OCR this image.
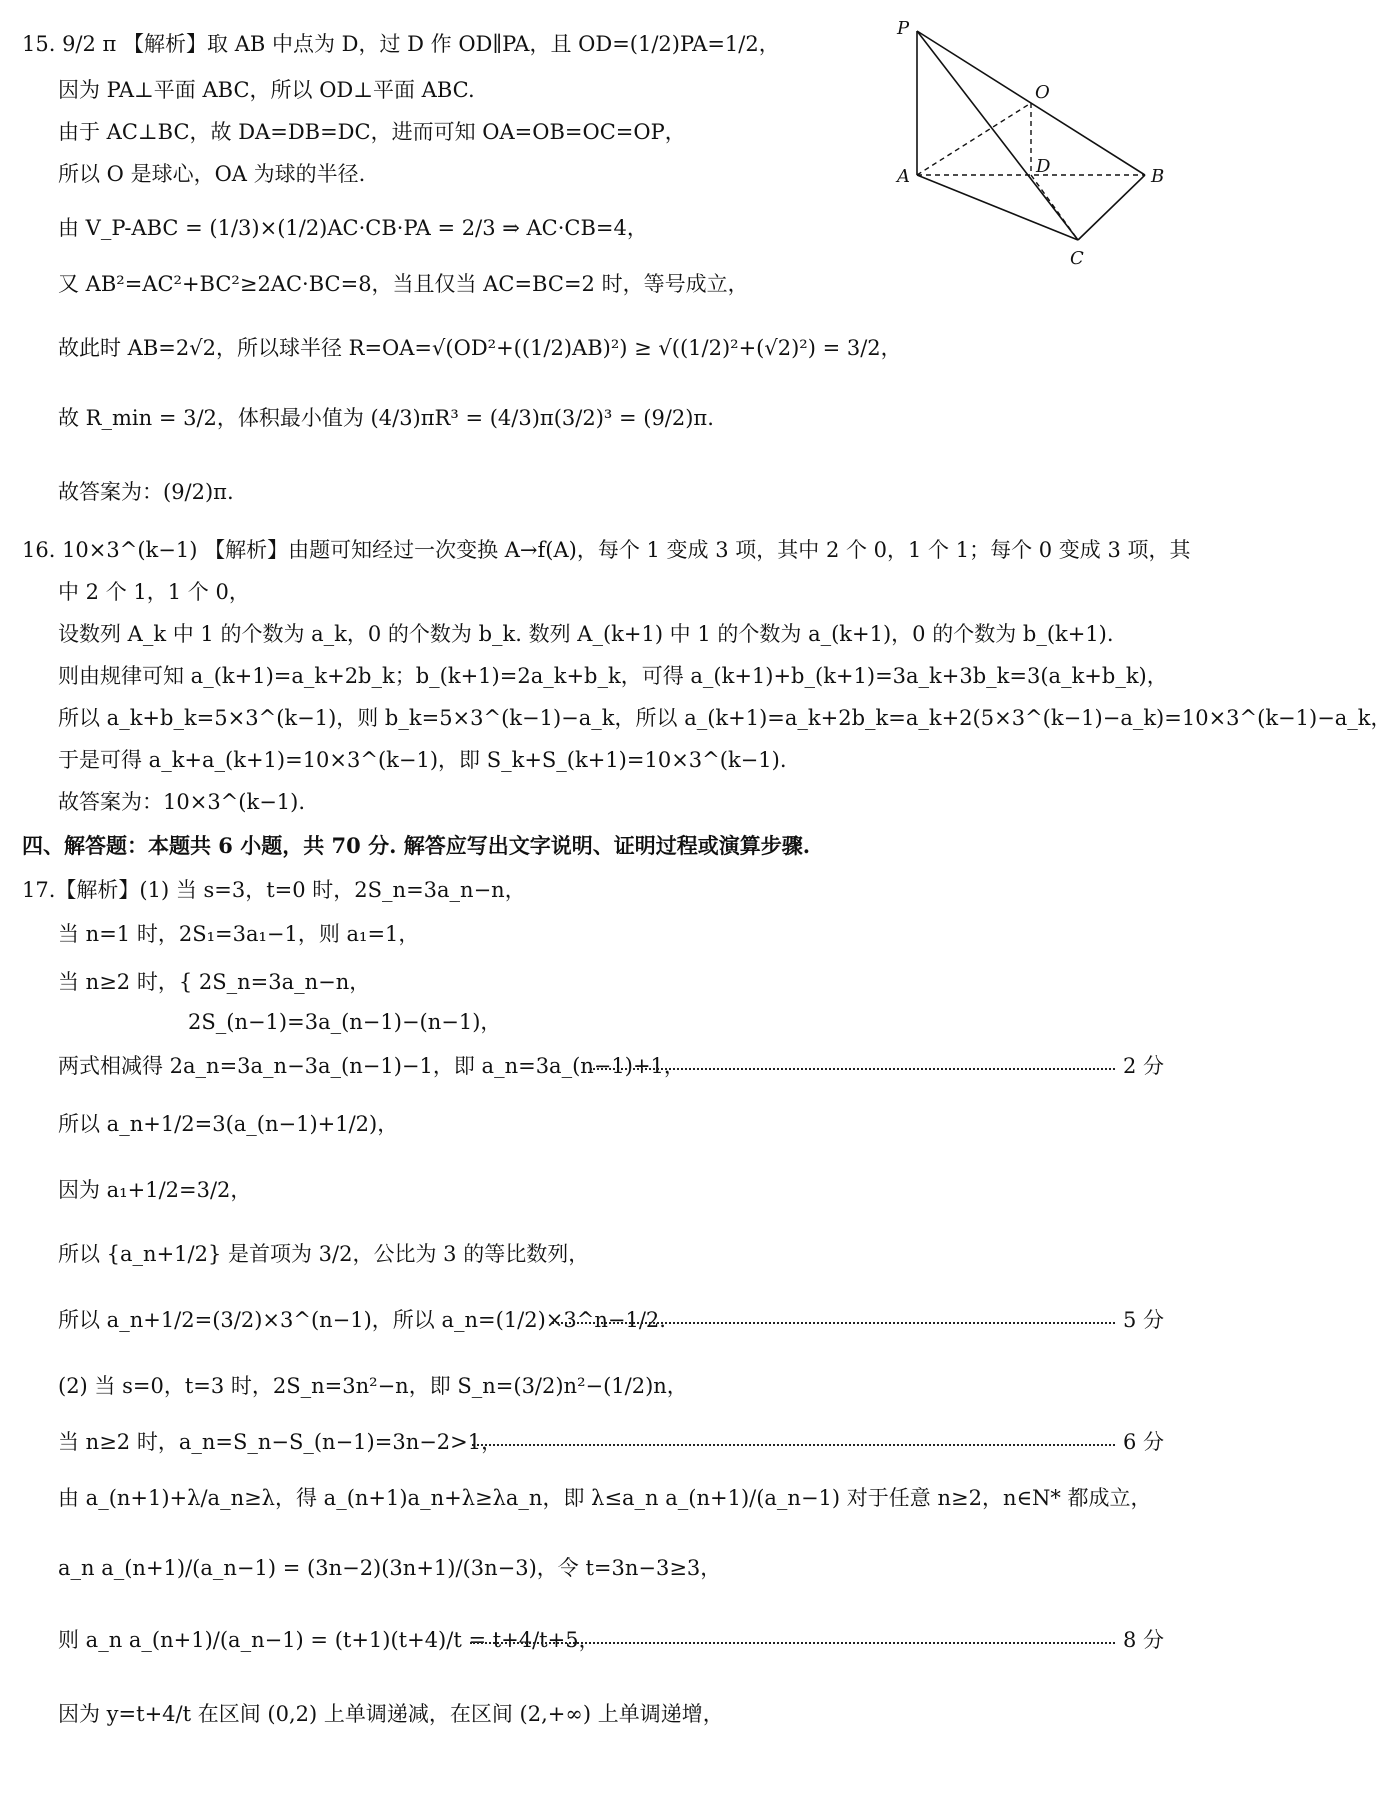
15. 9/2 π 【解析】取 AB 中点为 D，过 D 作 OD∥PA，且 OD=(1/2)PA=1/2，
因为 PA⊥平面 ABC，所以 OD⊥平面 ABC.
由于 AC⊥BC，故 DA=DB=DC，进而可知 OA=OB=OC=OP，
所以 O 是球心，OA 为球的半径.
由 V_P-ABC = (1/3)×(1/2)AC·CB·PA = 2/3 ⇒ AC·CB=4，
又 AB²=AC²+BC²≥2AC·BC=8，当且仅当 AC=BC=2 时，等号成立，
故此时 AB=2√2，所以球半径 R=OA=√(OD²+((1/2)AB)²) ≥ √((1/2)²+(√2)²) = 3/2，
故 R_min = 3/2，体积最小值为 (4/3)πR³ = (4/3)π(3/2)³ = (9/2)π.
故答案为：(9/2)π.
16. 10×3^(k−1) 【解析】由题可知经过一次变换 A→f(A)，每个 1 变成 3 项，其中 2 个 0，1 个 1；每个 0 变成 3 项，其
中 2 个 1，1 个 0，
设数列 A_k 中 1 的个数为 a_k，0 的个数为 b_k. 数列 A_(k+1) 中 1 的个数为 a_(k+1)，0 的个数为 b_(k+1).
则由规律可知 a_(k+1)=a_k+2b_k；b_(k+1)=2a_k+b_k，可得 a_(k+1)+b_(k+1)=3a_k+3b_k=3(a_k+b_k)，
所以 a_k+b_k=5×3^(k−1)，则 b_k=5×3^(k−1)−a_k，所以 a_(k+1)=a_k+2b_k=a_k+2(5×3^(k−1)−a_k)=10×3^(k−1)−a_k，
于是可得 a_k+a_(k+1)=10×3^(k−1)，即 S_k+S_(k+1)=10×3^(k−1).
故答案为：10×3^(k−1).
四、解答题：本题共 6 小题，共 70 分. 解答应写出文字说明、证明过程或演算步骤.
17.【解析】(1) 当 s=3，t=0 时，2S_n=3a_n−n，
当 n=1 时，2S₁=3a₁−1，则 a₁=1，
当 n≥2 时，{ 2S_n=3a_n−n，
2S_(n−1)=3a_(n−1)−(n−1)，
两式相减得 2a_n=3a_n−3a_(n−1)−1，即 a_n=3a_(n−1)+1，	2 分
所以 a_n+1/2=3(a_(n−1)+1/2)，
因为 a₁+1/2=3/2，
所以 {a_n+1/2} 是首项为 3/2，公比为 3 的等比数列，
所以 a_n+1/2=(3/2)×3^(n−1)，所以 a_n=(1/2)×3^n−1/2.	5 分
(2) 当 s=0，t=3 时，2S_n=3n²−n，即 S_n=(3/2)n²−(1/2)n，
当 n≥2 时，a_n=S_n−S_(n−1)=3n−2>1，	6 分
由 a_(n+1)+λ/a_n≥λ，得 a_(n+1)a_n+λ≥λa_n，即 λ≤a_n a_(n+1)/(a_n−1) 对于任意 n≥2，n∈N* 都成立，
a_n a_(n+1)/(a_n−1) = (3n−2)(3n+1)/(3n−3)，令 t=3n−3≥3，
则 a_n a_(n+1)/(a_n−1) = (t+1)(t+4)/t = t+4/t+5，	8 分
因为 y=t+4/t 在区间 (0,2) 上单调递减，在区间 (2,+∞) 上单调递增，
P
O
A	D	B
C
